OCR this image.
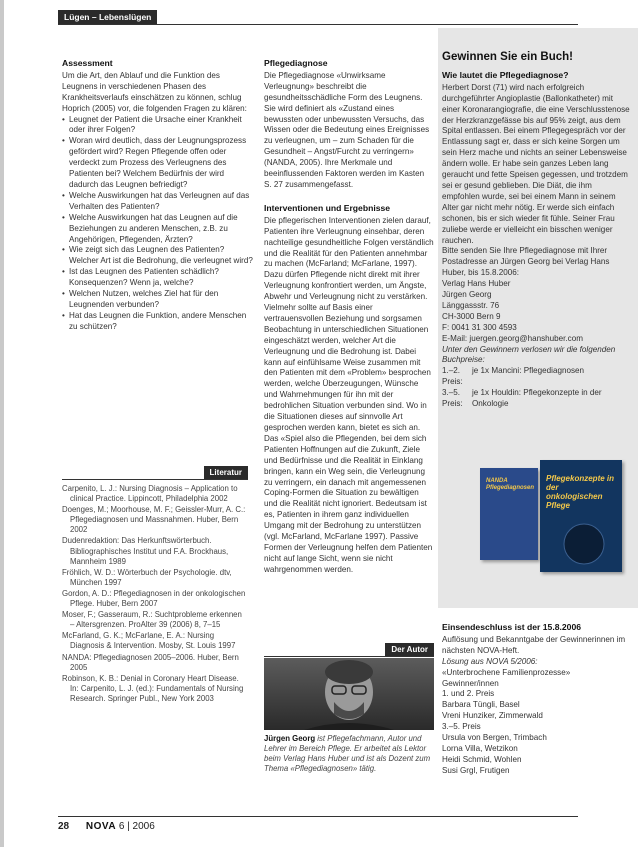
Lügen – Lebenslügen
Assessment

Um die Art, den Ablauf und die Funktion des Leugnens in verschiedenen Phasen des Krankheitsverlaufs einschätzen zu können, schlug Hoprich (2005) vor, die folgenden Fragen zu klären:

• Leugnet der Patient die Ursache einer Krankheit oder ihrer Folgen?
• Woran wird deutlich, dass der Leugnungsprozess gefördert wird? Regen Pflegende offen oder verdeckt zum Prozess des Verleugnens des Patienten bei? Welchem Bedürfnis der wird dadurch das Leugnen befriedigt?
• Welche Auswirkungen hat das Verleugnen auf das Verhalten des Patienten?
• Welche Auswirkungen hat das Leugnen auf die Beziehungen zu anderen Menschen, z.B. zu Angehörigen, Pflegenden, Ärzten?
• Wie zeigt sich das Leugnen des Patienten? Welcher Art ist die Bedrohung, die verleugnet wird?
• Ist das Leugnen des Patienten schädlich? Konsequenzen? Wenn ja, welche?
• Welchen Nutzen, welches Ziel hat für den Leugnenden verbunden?
• Hat das Leugnen die Funktion, andere Menschen zu schützen?
Literatur

Carpenito, L. J.: Nursing Diagnosis – Application to clinical Practice. Lippincott, Philadelphia 2002

Doenges, M.; Moorhouse, M. F.; Geissler-Murr, A. C.: Pflegediagnosen und Massnahmen. Huber, Bern 2002

Dudenredaktion: Das Herkunftswörterbuch. Bibliographisches Institut und F.A. Brockhaus, Mannheim 1989

Fröhlich, W. D.: Wörterbuch der Psychologie. dtv, München 1997

Gordon, A. D.: Pflegediagnosen in der onkologischen Pflege. Huber, Bern 2007

Moser, F.; Gasseraum, R.: Suchtprobleme erkennen – Altersgrenzen. ProAlter 39 (2006) 8, 7–15

McFarland, G. K.; McFarlane, E. A.: Nursing Diagnosis & Intervention. Mosby, St. Louis 1997

NANDA: Pflegediagnosen 2005–2006. Huber, Bern 2005

Robinson, K. B.: Denial in Coronary Heart Disease. In: Carpenito, L. J. (ed.): Fundamentals of Nursing Research. Springer Publ., New York 2003

Pflegediagnose

Die Pflegediagnose «Unwirksame Verleugnung» beschreibt die gesundheitsschädliche Form des Leugnens. Sie wird definiert als «Zustand eines bewussten oder unbewussten Versuchs, das Wissen oder die Bedeutung eines Ereignisses zu verleugnen, um – zum Schaden für die Gesundheit – Angst/Furcht zu verringern» (NANDA, 2005). Ihre Merkmale und beeinflussenden Faktoren werden im Kasten S. 27 zusammengefasst.

Interventionen und Ergebnisse

Die pflegerischen Interventionen zielen darauf, Patienten ihre Verleugnung einsehbar, deren nachteilige gesundheitliche Folgen verständlich und die Realität für den Patienten annehmbar zu machen (McFarland; McFarlane, 1997). Dazu dürfen Pflegende nicht direkt mit ihrer Verleugnung konfrontiert werden, um Ängste, Abwehr und Verleugnung nicht zu verstärken. Vielmehr sollte auf Basis einer vertrauensvollen Beziehung und sorgsamen Beobachtung in unterschiedlichen Situationen eingeschätzt werden, welcher Art die Verleugnung und die Bedrohung ist. Dabei kann auf einfühlsame Weise zusammen mit den Patienten mit dem «Problem» besprochen werden, welche Überzeugungen, Wünsche und Wahrnehmungen für ihn mit der bedrohlichen Situation verbunden sind. Wo in die Situationen dieses auf sinnvolle Art gesprochen werden kann, bietet es sich an. Das «Spiel also die Pflegenden, bei dem sich Patienten Hoffnungen auf die Zukunft, Ziele und Bedürfnisse und die Realität in Einklang bringen, kann ein Weg sein, die Verleugnung zu verringern, ein danach mit angemessenen Coping-Formen die Situation zu bewältigen und die Realität nicht ignoriert. Bedeutsam ist es, Patienten in ihrem ganz individuellen Umgang mit der Bedrohung zu unterstützen (vgl. McFarland, McFarlane 1997). Passive Formen der Verleugnung helfen dem Patienten nicht auf lange Sicht, wenn sie nicht wahrgenommen werden.

Der Autor
Jürgen Georg ist Pflegefachmann, Autor und Lehrer im Bereich Pflege. Er arbeitet als Lektor beim Verlag Hans Huber und ist als Dozent zum Thema «Pflegediagnosen» tätig.
Gewinnen Sie ein Buch!
Wie lautet die Pflegediagnose?

Herbert Dorst (71) wird nach erfolgreich durchgeführter Angioplastie (Ballonkatheter) mit einer Koronarangiografie, die eine Verschlusstenose der Herzkranzgefässe bis auf 95% zeigt, aus dem Spital entlassen. Bei einem Pflegegespräch vor der Entlassung sagt er, dass er sich keine Sorgen um sein Herz mache und nichts an seiner Lebensweise ändern wolle. Er habe sein ganzes Leben lang geraucht und fette Speisen gegessen, und trotzdem sei er gesund geblieben. Die Diät, die ihm empfohlen wurde, sei bei einem Mann in seinem Alter gar nicht mehr nötig. Er werde sich einfach schonen, bis er sich wieder fit fühle. Seiner Frau zuliebe werde er vielleicht ein bisschen weniger rauchen.

Bitte senden Sie Ihre Pflegediagnose mit Ihrer Postadresse an Jürgen Georg bei Verlag Hans Huber, bis 15.8.2006:

Verlag Hans Huber

Jürgen Georg

Länggassstr. 76

CH-3000 Bern 9

F: 0041 31 300 4593

E-Mail: juergen.georg@hanshuber.com

Unter den Gewinnern verlosen wir die folgenden Buchpreise:

1.–2. Preis:
je 1x Mancini: Pflegediagnosen
3.–5. Preis:
je 1x Houldin: Pflegekonzepte in der Onkologie
NANDA Pflegediagnosen
Pflegekonzepte in der onkologischen Pflege
Einsendeschluss ist der 15.8.2006

Auflösung und Bekanntgabe der Gewinnerinnen im nächsten NOVA-Heft.

Lösung aus NOVA 5/2006:

«Unterbrochene Familienprozesse»

Gewinner/innen

1. und 2. Preis

Barbara Tüngli, Basel

Vreni Hunziker, Zimmerwald

3.–5. Preis

Ursula von Bergen, Trimbach

Lorna Villa, Wetzikon

Heidi Schmid, Wohlen

Susi Grgl, Frutigen

28 NOVA 6 | 2006
